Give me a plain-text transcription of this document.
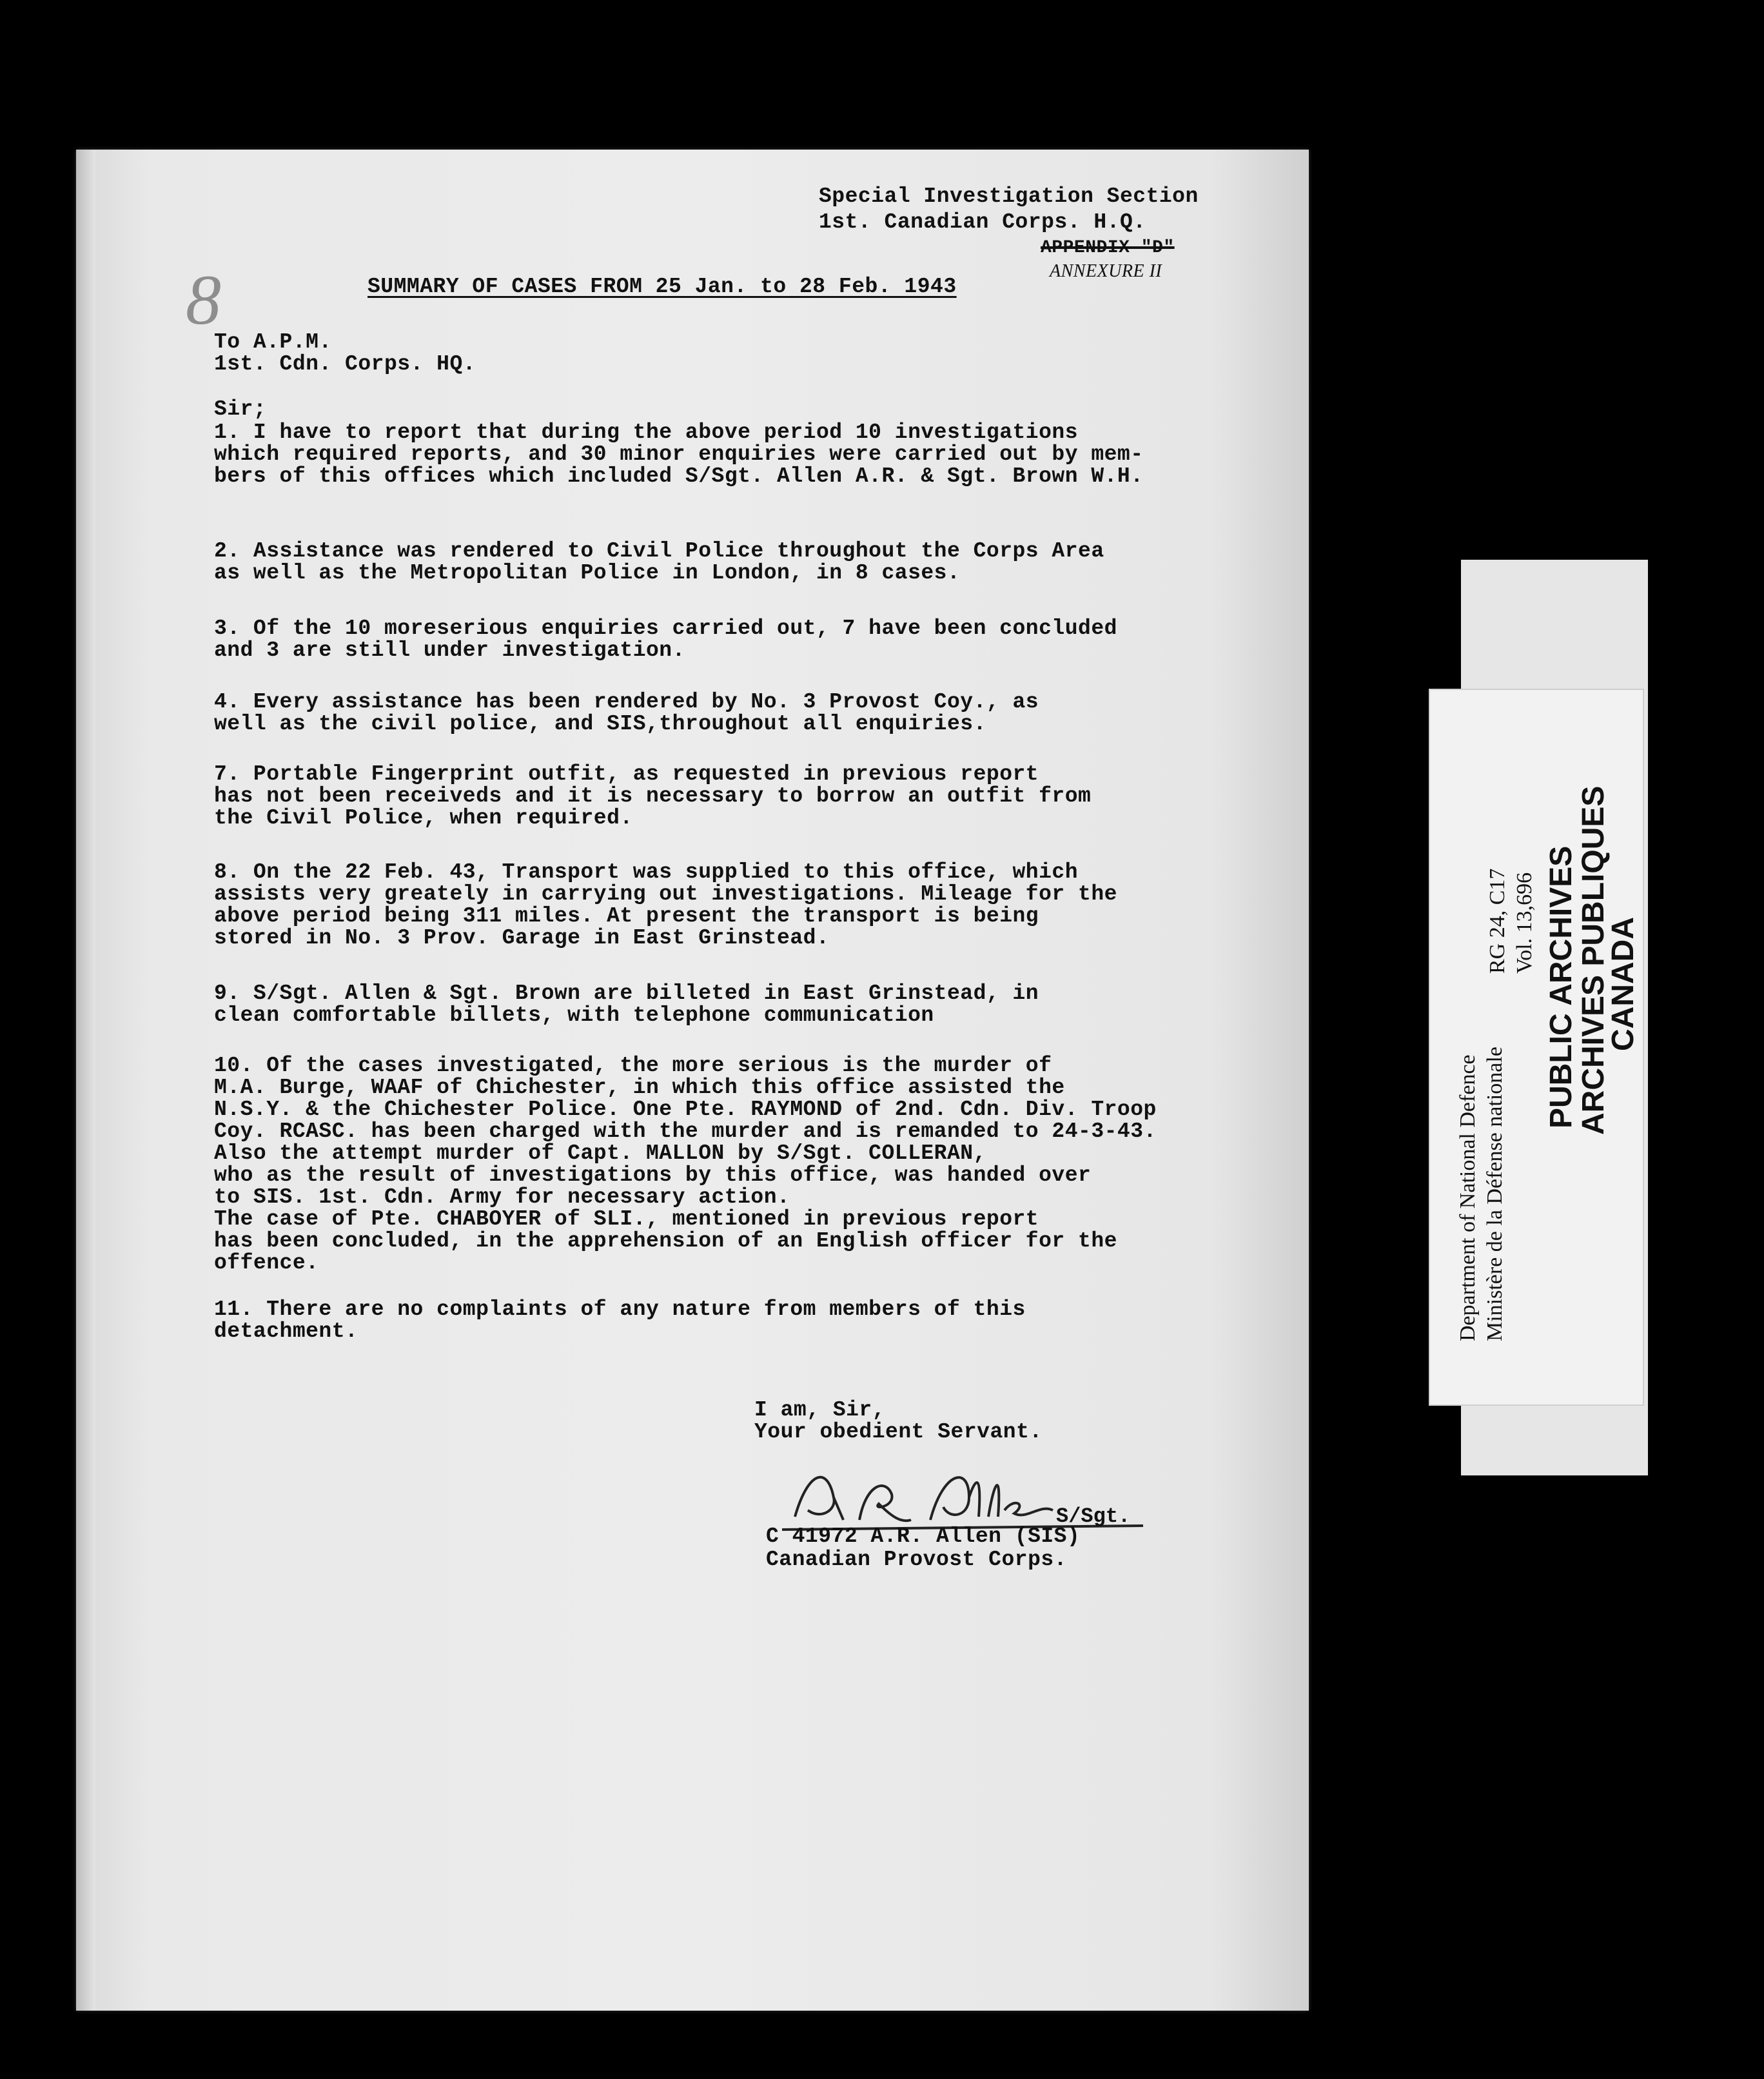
Special Investigation Section
1st. Canadian Corps. H.Q.
APPENDIX "D"
ANNEXURE II
8	SUMMARY OF CASES FROM 25 Jan. to 28 Feb. 1943
To A.P.M.
1st. Cdn. Corps. HQ.
Sir;
1. I have to report that during the above period 10 investigations
which required reports, and 30 minor enquiries were carried out by mem-
bers of this offices which included S/Sgt. Allen A.R. & Sgt. Brown W.H.
2. Assistance was rendered to Civil Police throughout the Corps Area
as well as the Metropolitan Police in London, in 8 cases.
3. Of the 10 moreserious enquiries carried out, 7 have been concluded
and 3 are still under investigation.
4. Every assistance has been rendered by No. 3 Provost Coy., as
well as the civil police, and SIS,throughout all enquiries.
7. Portable Fingerprint outfit, as requested in previous report
has not been receiveds and it is necessary to borrow an outfit from
the Civil Police, when required.
8. On the 22 Feb. 43, Transport was supplied to this office, which
assists very greately in carrying out investigations. Mileage for the
above period being 311 miles. At present the transport is being
stored in No. 3 Prov. Garage in East Grinstead.
9. S/Sgt. Allen & Sgt. Brown are billeted in East Grinstead, in
clean comfortable billets, with telephone communication
10. Of the cases investigated, the more serious is the murder of
M.A. Burge, WAAF of Chichester, in which this office assisted the
N.S.Y. & the Chichester Police. One Pte. RAYMOND of 2nd. Cdn. Div. Troop
Coy. RCASC. has been charged with the murder and is remanded to 24-3-43.
Also the attempt murder of Capt. MALLON by S/Sgt. COLLERAN,
who as the result of investigations by this office, was handed over
to SIS. 1st. Cdn. Army for necessary action.
The case of Pte. CHABOYER of SLI., mentioned in previous report
has been concluded, in the apprehension of an English officer for the
offence.
11. There are no complaints of any nature from members of this
detachment.
I am, Sir,
Your obedient Servant.
S/Sgt.
C 41972 A.R. Allen (SIS)
Canadian Provost Corps.
Department of National Defence Ministère de la Défense nationale
RG 24, C17 Vol. 13,696 PUBLIC ARCHIVES
ARCHIVES PUBLIQUES
CANADA
